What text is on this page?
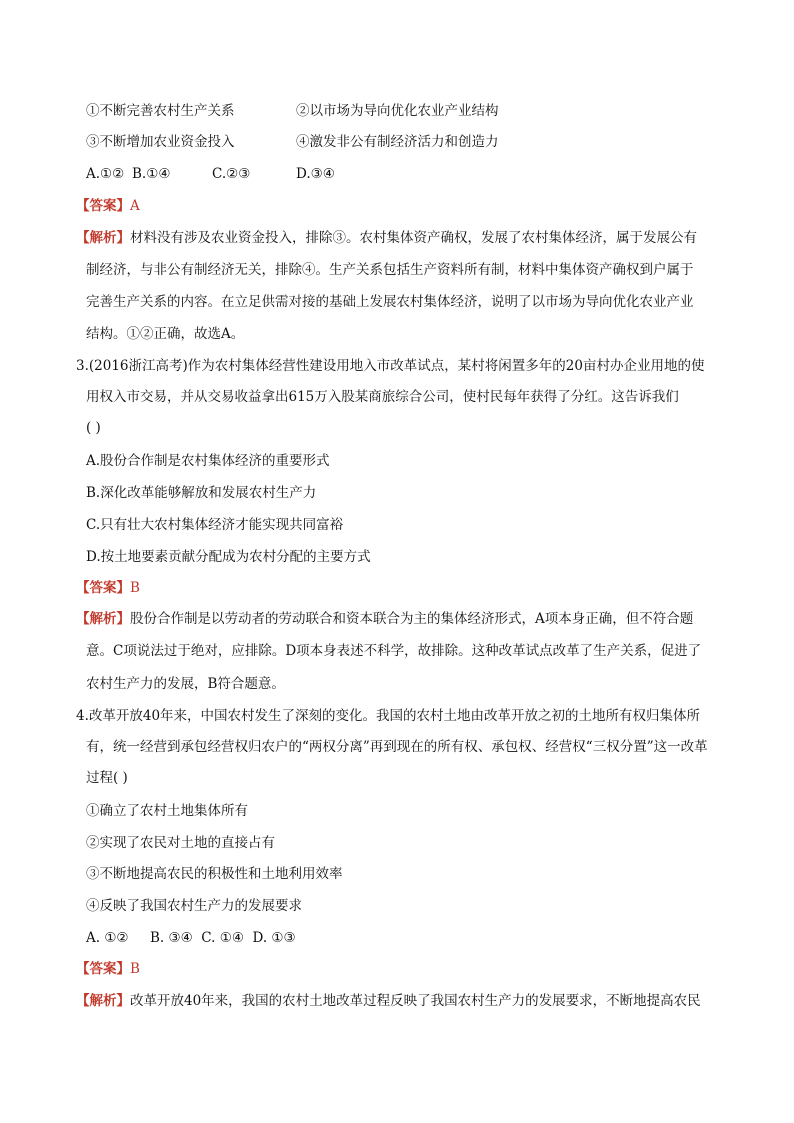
①不断完善农村生产关系	②以市场为导向优化农业产业结构
③不断增加农业资金投入	④激发非公有制经济活力和创造力
A.①② B.①④	C.②③	D.③④
【答案】A
【解析】材料没有涉及农业资金投入，排除③。农村集体资产确权，发展了农村集体经济，属于发展公有
制经济，与非公有制经济无关，排除④。生产关系包括生产资料所有制，材料中集体资产确权到户属于
完善生产关系的内容。在立足供需对接的基础上发展农村集体经济，说明了以市场为导向优化农业产业
结构。①②正确，故选A。
3.(2016浙江高考)作为农村集体经营性建设用地入市改革试点，某村将闲置多年的20亩村办企业用地的使
用权入市交易，并从交易收益拿出615万入股某商旅综合公司，使村民每年获得了分红。这告诉我们
( )
A.股份合作制是农村集体经济的重要形式
B.深化改革能够解放和发展农村生产力
C.只有壮大农村集体经济才能实现共同富裕
D.按土地要素贡献分配成为农村分配的主要方式
【答案】B
【解析】股份合作制是以劳动者的劳动联合和资本联合为主的集体经济形式，A项本身正确，但不符合题
意。C项说法过于绝对，应排除。D项本身表述不科学，故排除。这种改革试点改革了生产关系，促进了
农村生产力的发展，B符合题意。
4.改革开放40年来，中国农村发生了深刻的变化。我国的农村土地由改革开放之初的土地所有权归集体所
有，统一经营到承包经营权归农户的“两权分离”再到现在的所有权、承包权、经营权“三权分置”这一改革
过程( )
①确立了农村土地集体所有
②实现了农民对土地的直接占有
③不断地提高农民的积极性和土地利用效率
④反映了我国农村生产力的发展要求
A. ①②     B. ③④  C. ①④  D. ①③
【答案】B
【解析】改革开放40年来，我国的农村土地改革过程反映了我国农村生产力的发展要求，不断地提高农民
